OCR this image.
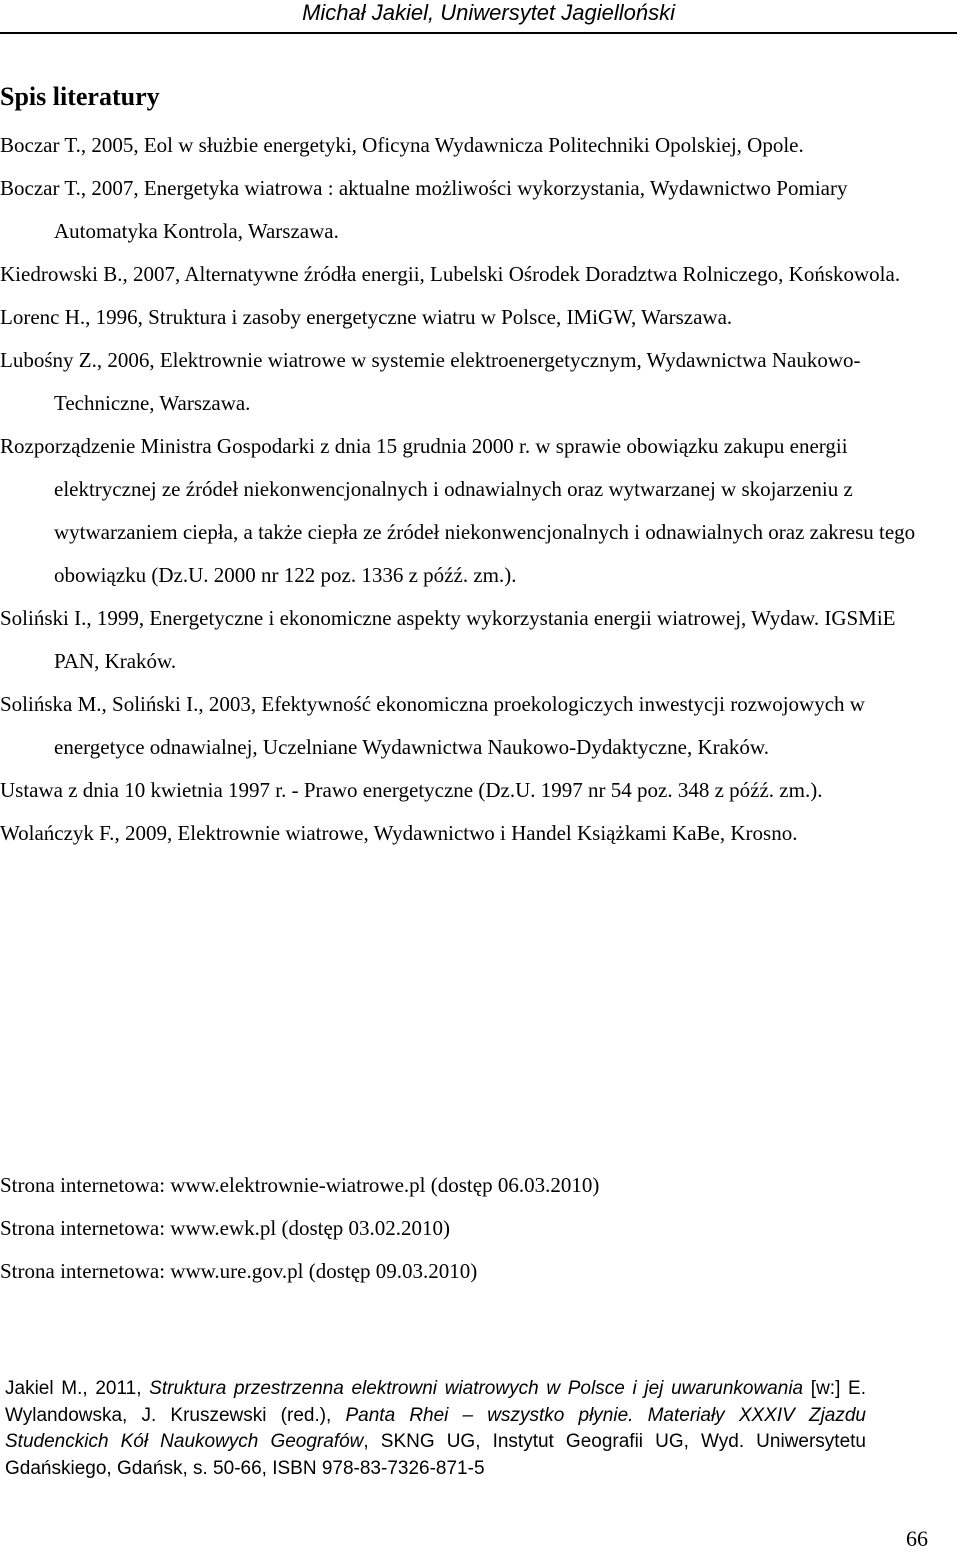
Michał Jakiel, Uniwersytet Jagielloński
Spis literatury
Boczar T., 2005, Eol w służbie energetyki, Oficyna Wydawnicza Politechniki Opolskiej, Opole.
Boczar T., 2007, Energetyka wiatrowa : aktualne możliwości wykorzystania, Wydawnictwo Pomiary Automatyka Kontrola, Warszawa.
Kiedrowski B., 2007, Alternatywne źródła energii, Lubelski Ośrodek Doradztwa Rolniczego, Końskowola.
Lorenc H., 1996, Struktura i zasoby energetyczne wiatru w Polsce, IMiGW, Warszawa.
Lubośny Z., 2006, Elektrownie wiatrowe w systemie elektroenergetycznym, Wydawnictwa Naukowo-Techniczne, Warszawa.
Rozporządzenie Ministra Gospodarki z dnia 15 grudnia 2000 r. w sprawie obowiązku zakupu energii elektrycznej ze źródeł niekonwencjonalnych i odnawialnych oraz wytwarzanej w skojarzeniu z wytwarzaniem ciepła, a także ciepła ze źródeł niekonwencjonalnych i odnawialnych oraz zakresu tego obowiązku (Dz.U. 2000 nr 122 poz. 1336 z późź. zm.).
Soliński I., 1999, Energetyczne i ekonomiczne aspekty wykorzystania energii wiatrowej, Wydaw. IGSMiE PAN, Kraków.
Solińska M., Soliński I., 2003, Efektywność ekonomiczna proekologiczych inwestycji rozwojowych w energetyce odnawialnej, Uczelniane Wydawnictwa Naukowo-Dydaktyczne, Kraków.
Ustawa z dnia 10 kwietnia 1997 r. - Prawo energetyczne (Dz.U. 1997 nr 54 poz. 348 z późź. zm.).
Wolańczyk F., 2009, Elektrownie wiatrowe, Wydawnictwo i Handel Książkami KaBe, Krosno.
Strona internetowa: www.elektrownie-wiatrowe.pl (dostęp 06.03.2010)
Strona internetowa: www.ewk.pl (dostęp 03.02.2010)
Strona internetowa: www.ure.gov.pl (dostęp 09.03.2010)

Jakiel M., 2011, Struktura przestrzenna elektrowni wiatrowych w Polsce i jej uwarunkowania [w:] E. Wylandowska, J. Kruszewski (red.), Panta Rhei – wszystko płynie. Materiały XXXIV Zjazdu Studenckich Kół Naukowych Geografów, SKNG UG, Instytut Geografii UG, Wyd. Uniwersytetu Gdańskiego, Gdańsk, s. 50-66, ISBN 978-83-7326-871-5

66
